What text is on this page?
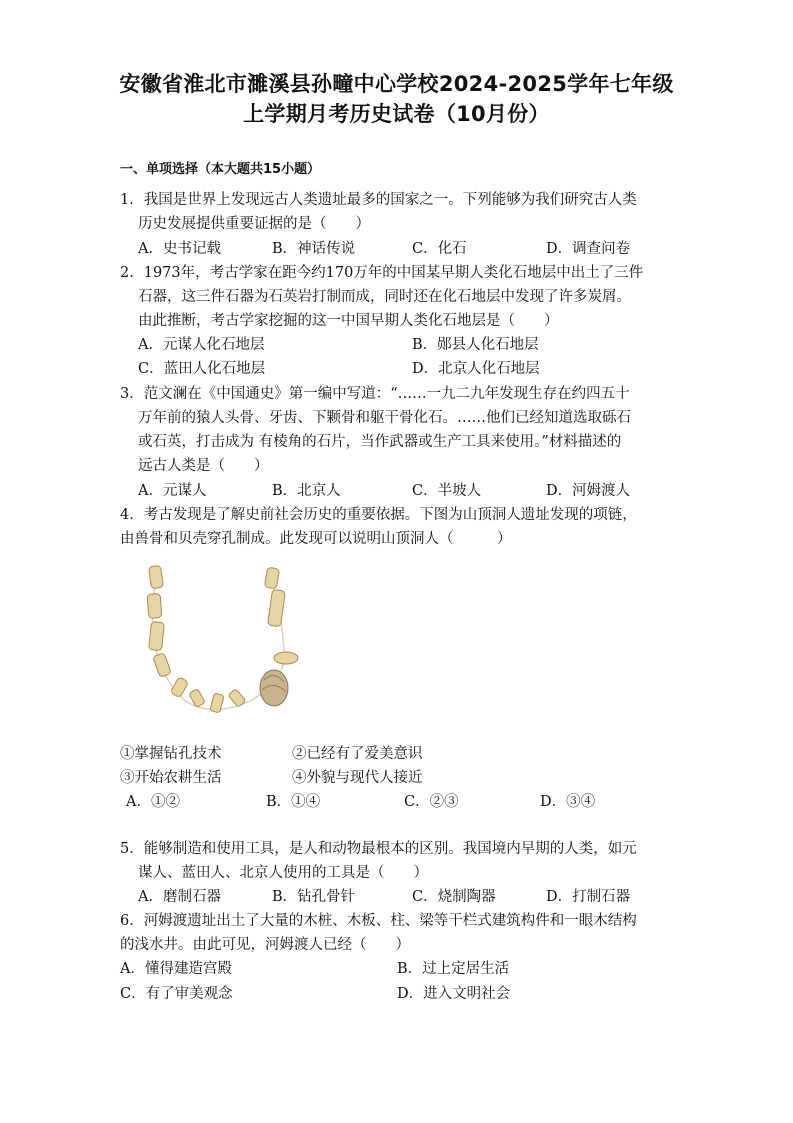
安徽省淮北市濉溪县孙疃中心学校2024-2025学年七年级
上学期月考历史试卷（10月份）
一、单项选择（本大题共15小题）
1．我国是世界上发现远古人类遗址最多的国家之一。下列能够为我们研究古人类
历史发展提供重要证据的是（　　）
A．史书记载	B．神话传说	C．化石	D．调查问卷
2．1973年，考古学家在距今约170万年的中国某早期人类化石地层中出土了三件
石器，这三件石器为石英岩打制而成，同时还在化石地层中发现了许多炭屑。
由此推断，考古学家挖掘的这一中国早期人类化石地层是（　　）
A．元谋人化石地层	B．郧县人化石地层
C．蓝田人化石地层	D．北京人化石地层
3．范文澜在《中国通史》第一编中写道：“……一九二九年发现生存在约四五十
万年前的猿人头骨、牙齿、下颗骨和躯干骨化石。……他们已经知道选取砾石
或石英，打击成为 有棱角的石片，当作武器或生产工具来使用。”材料描述的
远古人类是（　　）
A．元谋人	B．北京人	C．半坡人	D．河姆渡人
4．考古发现是了解史前社会历史的重要依据。下图为山顶洞人遗址发现的项链，
由兽骨和贝壳穿孔制成。此发现可以说明山顶洞人（　　　）
①掌握钻孔技术	②已经有了爱美意识
③开始农耕生活	④外貌与现代人接近
A．①②	B．①④	C．②③	D．③④
5．能够制造和使用工具，是人和动物最根本的区别。我国境内早期的人类，如元
谋人、蓝田人、北京人使用的工具是（　　）
A．磨制石器	B．钻孔骨针	C．烧制陶器	D．打制石器
6．河姆渡遗址出土了大量的木桩、木板、柱、梁等干栏式建筑构件和一眼木结构
的浅水井。由此可见，河姆渡人已经（　　）
A．懂得建造宫殿	B．过上定居生活
C．有了审美观念	D．进入文明社会
